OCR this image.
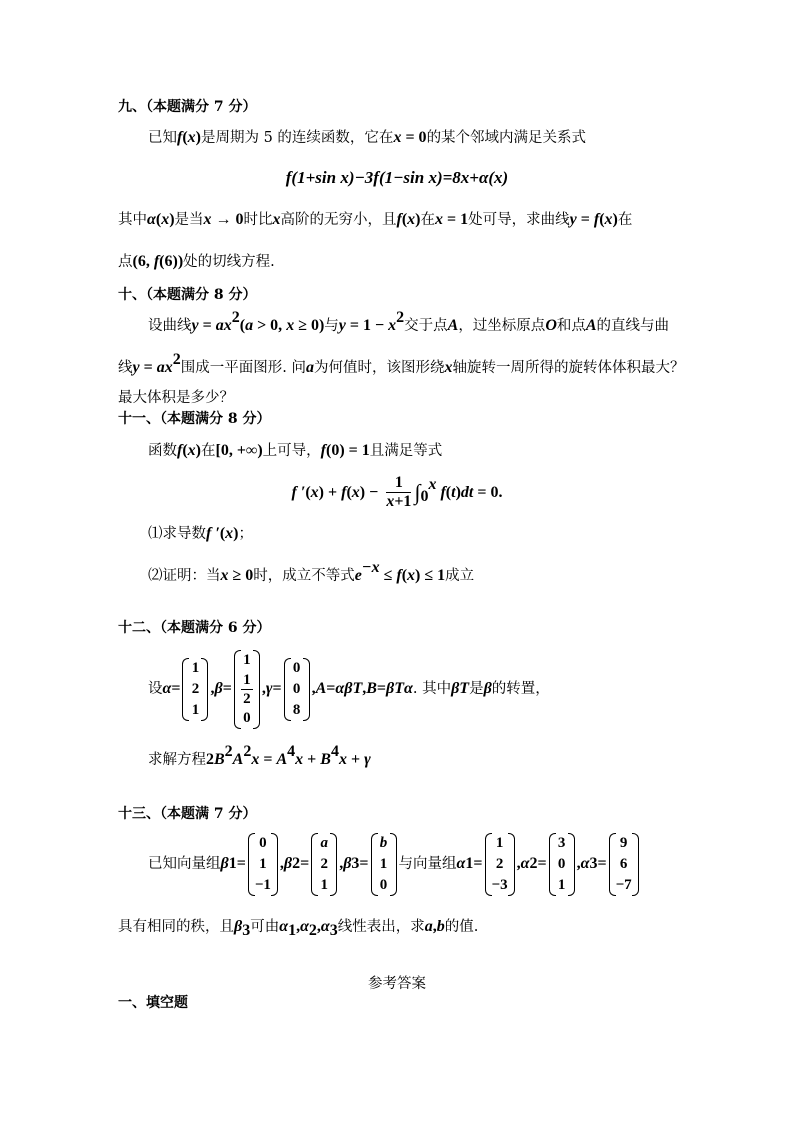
九、（本题满分 7 分）
已知f(x)是周期为 5 的连续函数，它在x = 0的某个邻域内满足关系式
f(1+sin x)−3f(1−sin x)=8x+α(x)
其中α(x)是当x → 0时比x高阶的无穷小，且f(x)在x = 1处可导，求曲线y = f(x)在
点(6, f(6))处的切线方程.
十、（本题满分 8 分）
设曲线$y = ax^2(a > 0$, x ≥ 0)与$y = 1 - x^2$交于点A，过坐标原点O和点A的直线与曲
线$y = ax^2$围成一平面图形. 问a为何值时，该图形绕x轴旋转一周所得的旋转体体积最大？
最大体积是多少？
十一、（本题满分 8 分）
函数f(x)在[0, +∞)上可导，f(0) = 1且满足等式
f $'(x) + f(x) - \frac{1}{x+1} \int_0^x$ f(t)dt = 0.
⑴求导数f ′(x)；
⑵证明：当x ≥ 0时，成立不等式$e^{-x} \le f(x) \le 1$成立
十二、（本题满分 6 分）
设 α =
1
2
1
, β =
1
1
2
0
, γ =
0
0
8
, A = αβ T , B = β T α . 其中 β T 是 β 的转置，
求解方程$2B^2A^2x = A^4x + B^4x + \gamma$
十三、（本题满 7 分）
已知向量组 β 1 =
0
1
−1
, β 2 =
a
2
1
, β 3 =
b
1
0
与向量组 α 1 =
1
2
−3
, α 2 =
3
0
1
, α 3 =
9
6
−7
具有相同的秩，且$\beta_3$可由$\alpha_1,\alpha_2,\alpha_3$线性表出，求a,b的值.
参考答案
一、填空题
